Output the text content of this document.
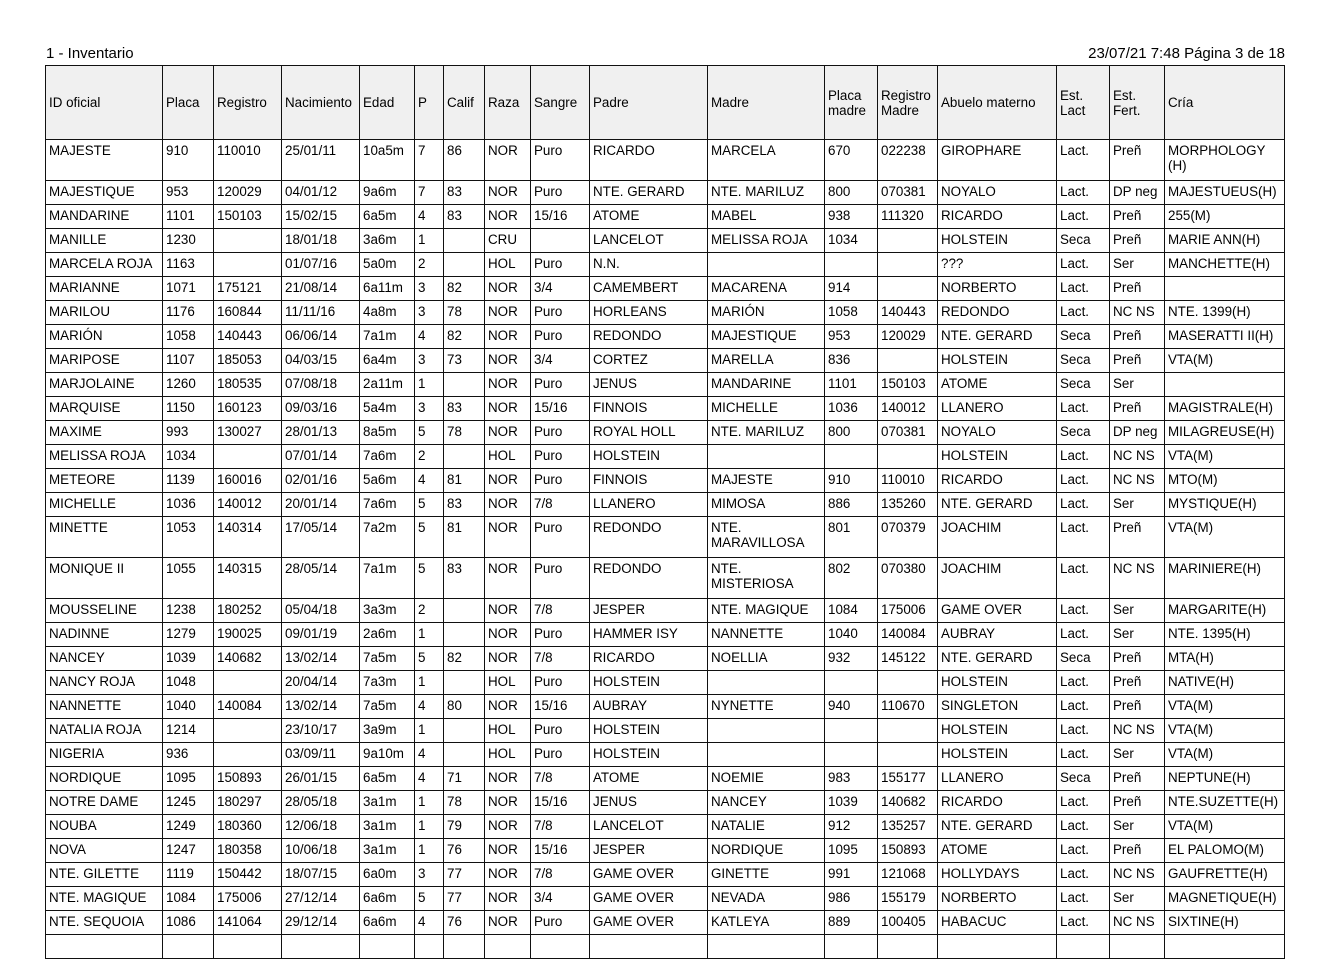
1 - Inventario	23/07/21 7:48 Página 3 de 18
ID oficial	Placa	Registro	Nacimiento	Edad	P	Calif	Raza	Sangre	Padre	Madre	Placa madre	Registro Madre	Abuelo materno	Est. Lact	Est. Fert.	Cría
MAJESTE	910	110010	25/01/11	10a5m	7	86	NOR	Puro	RICARDO	MARCELA	670	022238	GIROPHARE	Lact.	Preñ	MORPHOLOGY (H)
MAJESTIQUE	953	120029	04/01/12	9a6m	7	83	NOR	Puro	NTE. GERARD	NTE. MARILUZ	800	070381	NOYALO	Lact.	DP neg	MAJESTUEUS(H)
MANDARINE	1101	150103	15/02/15	6a5m	4	83	NOR	15/16	ATOME	MABEL	938	111320	RICARDO	Lact.	Preñ	255(M)
MANILLE	1230		18/01/18	3a6m	1		CRU		LANCELOT	MELISSA ROJA	1034		HOLSTEIN	Seca	Preñ	MARIE ANN(H)
MARCELA ROJA	1163		01/07/16	5a0m	2		HOL	Puro	N.N.				???	Lact.	Ser	MANCHETTE(H)
MARIANNE	1071	175121	21/08/14	6a11m	3	82	NOR	3/4	CAMEMBERT	MACARENA	914		NORBERTO	Lact.	Preñ	
MARILOU	1176	160844	11/11/16	4a8m	3	78	NOR	Puro	HORLEANS	MARIÓN	1058	140443	REDONDO	Lact.	NC NS	NTE. 1399(H)
MARIÓN	1058	140443	06/06/14	7a1m	4	82	NOR	Puro	REDONDO	MAJESTIQUE	953	120029	NTE. GERARD	Seca	Preñ	MASERATTI II(H)
MARIPOSE	1107	185053	04/03/15	6a4m	3	73	NOR	3/4	CORTEZ	MARELLA	836		HOLSTEIN	Seca	Preñ	VTA(M)
MARJOLAINE	1260	180535	07/08/18	2a11m	1		NOR	Puro	JENUS	MANDARINE	1101	150103	ATOME	Seca	Ser	
MARQUISE	1150	160123	09/03/16	5a4m	3	83	NOR	15/16	FINNOIS	MICHELLE	1036	140012	LLANERO	Lact.	Preñ	MAGISTRALE(H)
MAXIME	993	130027	28/01/13	8a5m	5	78	NOR	Puro	ROYAL HOLL	NTE. MARILUZ	800	070381	NOYALO	Seca	DP neg	MILAGREUSE(H)
MELISSA ROJA	1034		07/01/14	7a6m	2		HOL	Puro	HOLSTEIN				HOLSTEIN	Lact.	NC NS	VTA(M)
METEORE	1139	160016	02/01/16	5a6m	4	81	NOR	Puro	FINNOIS	MAJESTE	910	110010	RICARDO	Lact.	NC NS	MTO(M)
MICHELLE	1036	140012	20/01/14	7a6m	5	83	NOR	7/8	LLANERO	MIMOSA	886	135260	NTE. GERARD	Lact.	Ser	MYSTIQUE(H)
MINETTE	1053	140314	17/05/14	7a2m	5	81	NOR	Puro	REDONDO	NTE. MARAVILLOSA	801	070379	JOACHIM	Lact.	Preñ	VTA(M)
MONIQUE II	1055	140315	28/05/14	7a1m	5	83	NOR	Puro	REDONDO	NTE. MISTERIOSA	802	070380	JOACHIM	Lact.	NC NS	MARINIERE(H)
MOUSSELINE	1238	180252	05/04/18	3a3m	2		NOR	7/8	JESPER	NTE. MAGIQUE	1084	175006	GAME OVER	Lact.	Ser	MARGARITE(H)
NADINNE	1279	190025	09/01/19	2a6m	1		NOR	Puro	HAMMER ISY	NANNETTE	1040	140084	AUBRAY	Lact.	Ser	NTE. 1395(H)
NANCEY	1039	140682	13/02/14	7a5m	5	82	NOR	7/8	RICARDO	NOELLIA	932	145122	NTE. GERARD	Seca	Preñ	MTA(H)
NANCY ROJA	1048		20/04/14	7a3m	1		HOL	Puro	HOLSTEIN				HOLSTEIN	Lact.	Preñ	NATIVE(H)
NANNETTE	1040	140084	13/02/14	7a5m	4	80	NOR	15/16	AUBRAY	NYNETTE	940	110670	SINGLETON	Lact.	Preñ	VTA(M)
NATALIA ROJA	1214		23/10/17	3a9m	1		HOL	Puro	HOLSTEIN				HOLSTEIN	Lact.	NC NS	VTA(M)
NIGERIA	936		03/09/11	9a10m	4		HOL	Puro	HOLSTEIN				HOLSTEIN	Lact.	Ser	VTA(M)
NORDIQUE	1095	150893	26/01/15	6a5m	4	71	NOR	7/8	ATOME	NOEMIE	983	155177	LLANERO	Seca	Preñ	NEPTUNE(H)
NOTRE DAME	1245	180297	28/05/18	3a1m	1	78	NOR	15/16	JENUS	NANCEY	1039	140682	RICARDO	Lact.	Preñ	NTE.SUZETTE(H)
NOUBA	1249	180360	12/06/18	3a1m	1	79	NOR	7/8	LANCELOT	NATALIE	912	135257	NTE. GERARD	Lact.	Ser	VTA(M)
NOVA	1247	180358	10/06/18	3a1m	1	76	NOR	15/16	JESPER	NORDIQUE	1095	150893	ATOME	Lact.	Preñ	EL PALOMO(M)
NTE. GILETTE	1119	150442	18/07/15	6a0m	3	77	NOR	7/8	GAME OVER	GINETTE	991	121068	HOLLYDAYS	Lact.	NC NS	GAUFRETTE(H)
NTE. MAGIQUE	1084	175006	27/12/14	6a6m	5	77	NOR	3/4	GAME OVER	NEVADA	986	155179	NORBERTO	Lact.	Ser	MAGNETIQUE(H)
NTE. SEQUOIA	1086	141064	29/12/14	6a6m	4	76	NOR	Puro	GAME OVER	KATLEYA	889	100405	HABACUC	Lact.	NC NS	SIXTINE(H)
